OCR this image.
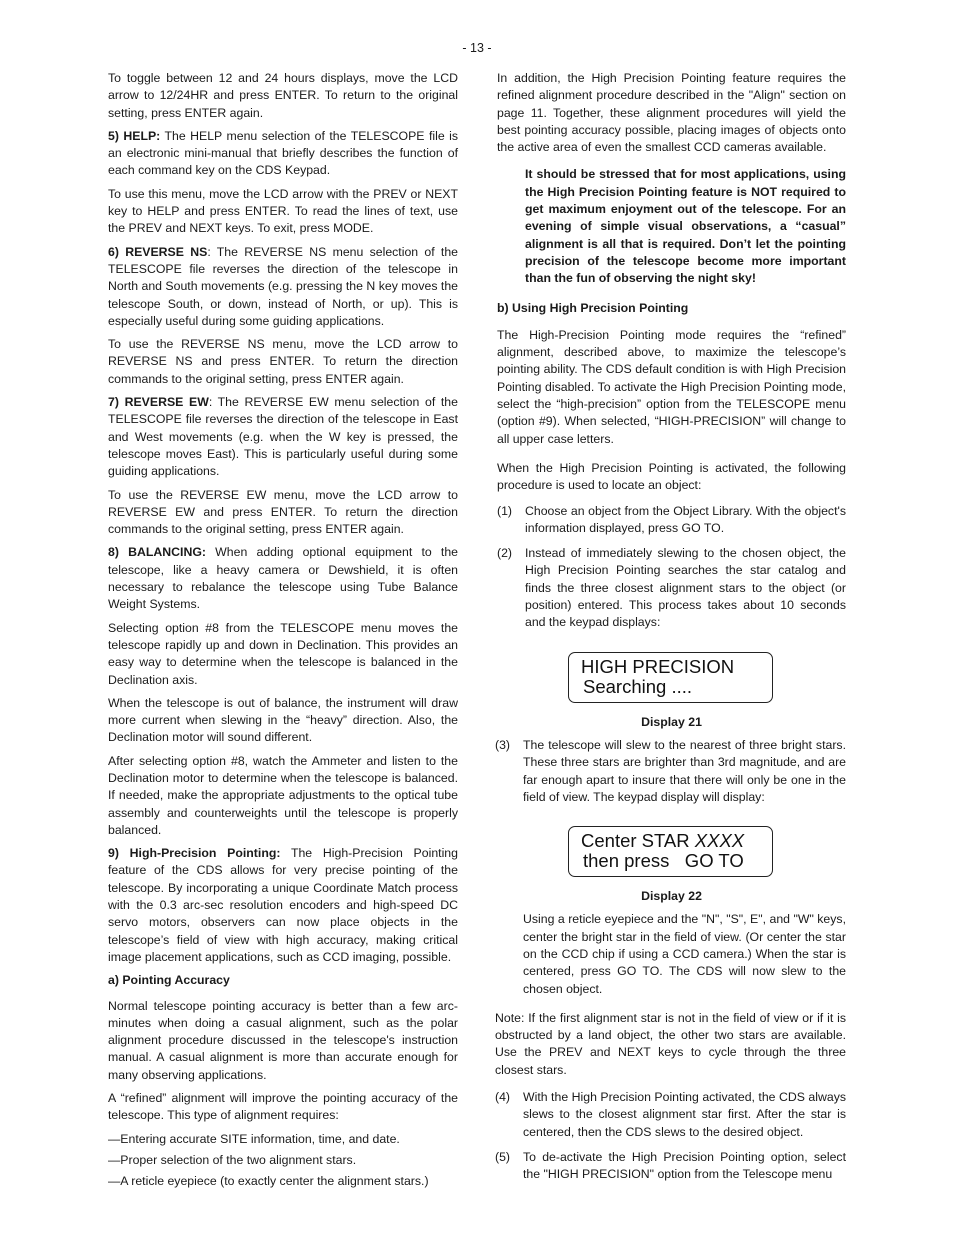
- 13 -

To toggle between 12 and 24 hours displays, move the LCD arrow to 12/24HR and press ENTER. To return to the original setting, press ENTER again.

5) HELP: The HELP menu selection of the TELESCOPE file is an electronic mini-manual that briefly describes the function of each command key on the CDS Keypad.

To use this menu, move the LCD arrow with the PREV or NEXT key to HELP and press ENTER. To read the lines of text, use the PREV and NEXT keys. To exit, press MODE.

6) REVERSE NS: The REVERSE NS menu selection of the TELESCOPE file reverses the direction of the telescope in North and South movements (e.g. pressing the N key moves the telescope South, or down, instead of North, or up). This is especially useful during some guiding applications.

To use the REVERSE NS menu, move the LCD arrow to REVERSE NS and press ENTER. To return the direction commands to the original setting, press ENTER again.

7) REVERSE EW: The REVERSE EW menu selection of the TELESCOPE file reverses the direction of the telescope in East and West movements (e.g. when the W key is pressed, the telescope moves East). This is particularly useful during some guiding applications.

To use the REVERSE EW menu, move the LCD arrow to REVERSE EW and press ENTER. To return the direction commands to the original setting, press ENTER again.

8) BALANCING: When adding optional equipment to the telescope, like a heavy camera or Dewshield, it is often necessary to rebalance the telescope using Tube Balance Weight Systems.

Selecting option #8 from the TELESCOPE menu moves the telescope rapidly up and down in Declination. This provides an easy way to determine when the telescope is balanced in the Declination axis.

When the telescope is out of balance, the instrument will draw more current when slewing in the “heavy” direction. Also, the Declination motor will sound different.

After selecting option #8, watch the Ammeter and listen to the Declination motor to determine when the telescope is balanced. If needed, make the appropriate adjustments to the optical tube assembly and counterweights until the telescope is properly balanced.

9) High-Precision Pointing: The High-Precision Pointing feature of the CDS allows for very precise pointing of the telescope. By incorporating a unique Coordinate Match process with the 0.3 arc-sec resolution encoders and high-speed DC servo motors, observers can now place objects in the telescope’s field of view with high accuracy, making critical image placement applications, such as CCD imaging, possible.

a) Pointing Accuracy

Normal telescope pointing accuracy is better than a few arc-minutes when doing a casual alignment, such as the polar alignment procedure discussed in the telescope's instruction manual. A casual alignment is more than accurate enough for many observing applications.

A “refined” alignment will improve the pointing accuracy of the telescope. This type of alignment requires:

—Entering accurate SITE information, time, and date.

—Proper selection of the two alignment stars.

—A reticle eyepiece (to exactly center the alignment stars.)

In addition, the High Precision Pointing feature requires the refined alignment procedure described in the "Align" section on page 11. Together, these alignment procedures will yield the best pointing accuracy possible, placing images of objects onto the active area of even the smallest CCD cameras available.

It should be stressed that for most applications, using the High Precision Pointing feature is NOT required to get maximum enjoyment out of the telescope. For an evening of simple visual observations, a “casual” alignment is all that is required. Don’t let the pointing precision of the telescope become more important than the fun of observing the night sky!

b) Using High Precision Pointing

The High-Precision Pointing mode requires the “refined” alignment, described above, to maximize the telescope’s pointing ability. The CDS default condition is with High Precision Pointing disabled. To activate the High Precision Pointing mode, select the “high-precision” option from the TELESCOPE menu (option #9). When selected, “HIGH-PRECISION” will change to all upper case letters.

When the High Precision Pointing is activated, the following procedure is used to locate an object:

(1)	Choose an object from the Object Library. With the object's information displayed, press GO TO.
(2)	Instead of immediately slewing to the chosen object, the High Precision Pointing searches the star catalog and finds the three closest alignment stars to the object (or position) entered. This process takes about 10 seconds and the keypad displays:
HIGH PRECISION
Searching ....
Display 21
(3)	The telescope will slew to the nearest of three bright stars. These three stars are brighter than 3rd magnitude, and are far enough apart to insure that there will only be one in the field of view. The keypad display will display:
Center STAR XXXX
then press   GO TO
Display 22

Using a reticle eyepiece and the "N", "S", E", and "W" keys, center the bright star in the field of view. (Or center the star on the CCD chip if using a CCD camera.) When the star is centered, press GO TO. The CDS will now slew to the chosen object.

Note: If the first alignment star is not in the field of view or if it is obstructed by a land object, the other two stars are available. Use the PREV and NEXT keys to cycle through the three closest stars.

(4)	With the High Precision Pointing activated, the CDS always slews to the closest alignment star first. After the star is centered, then the CDS slews to the desired object.
(5)	To de-activate the High Precision Pointing option, select the "HIGH PRECISION" option from the Telescope menu
